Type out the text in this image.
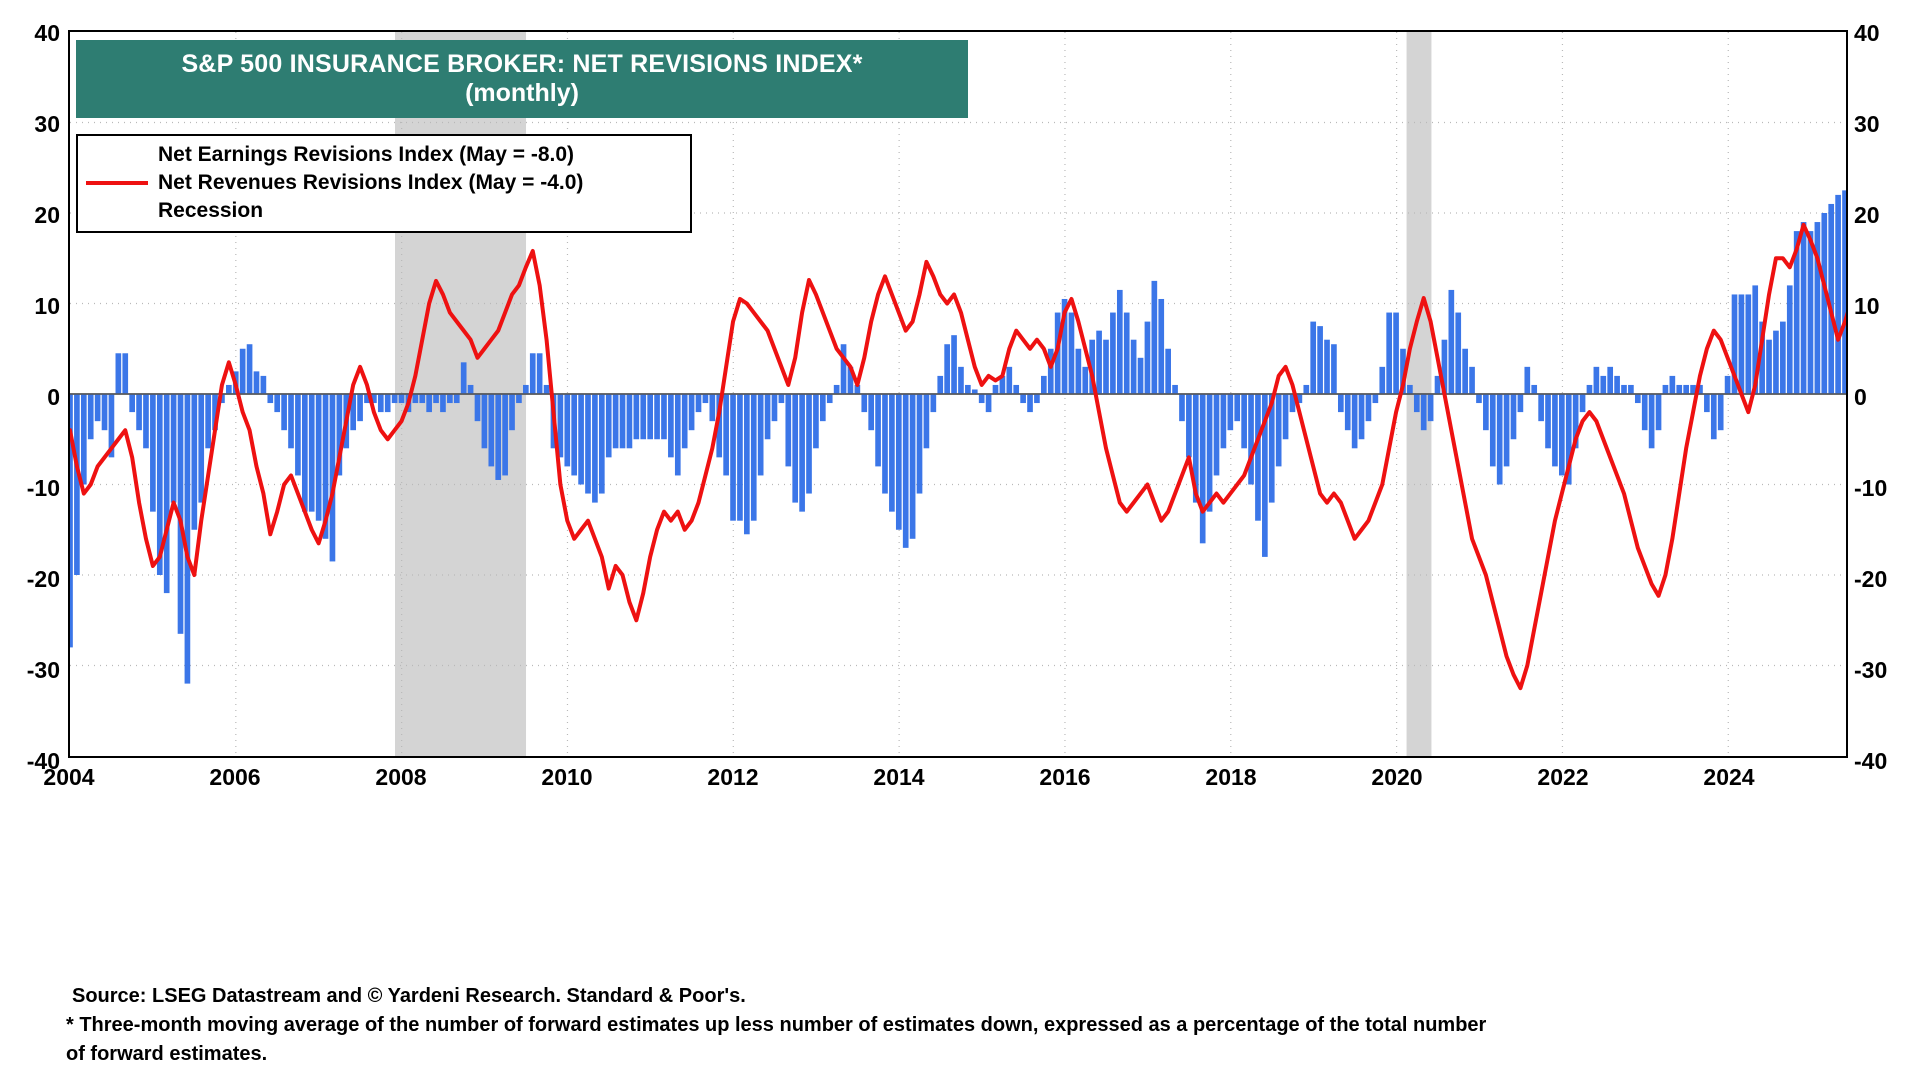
40
30
20
10
0
-10
-20
-30
-40
40
30
20
10
0
-10
-20
-30
-40
S&P 500 INSURANCE BROKER: NET REVISIONS INDEX*
(monthly)
Net Earnings Revisions Index (May = -8.0)
Net Revenues Revisions Index (May = -4.0)
Recession
2004	2006	2008	2010	2012	2014	2016	2018	2020	2022	2024
Source: LSEG Datastream and © Yardeni Research. Standard & Poor's.
* Three-month moving average of the number of forward estimates up less number of estimates down, expressed as a percentage of the total number
of forward estimates.
